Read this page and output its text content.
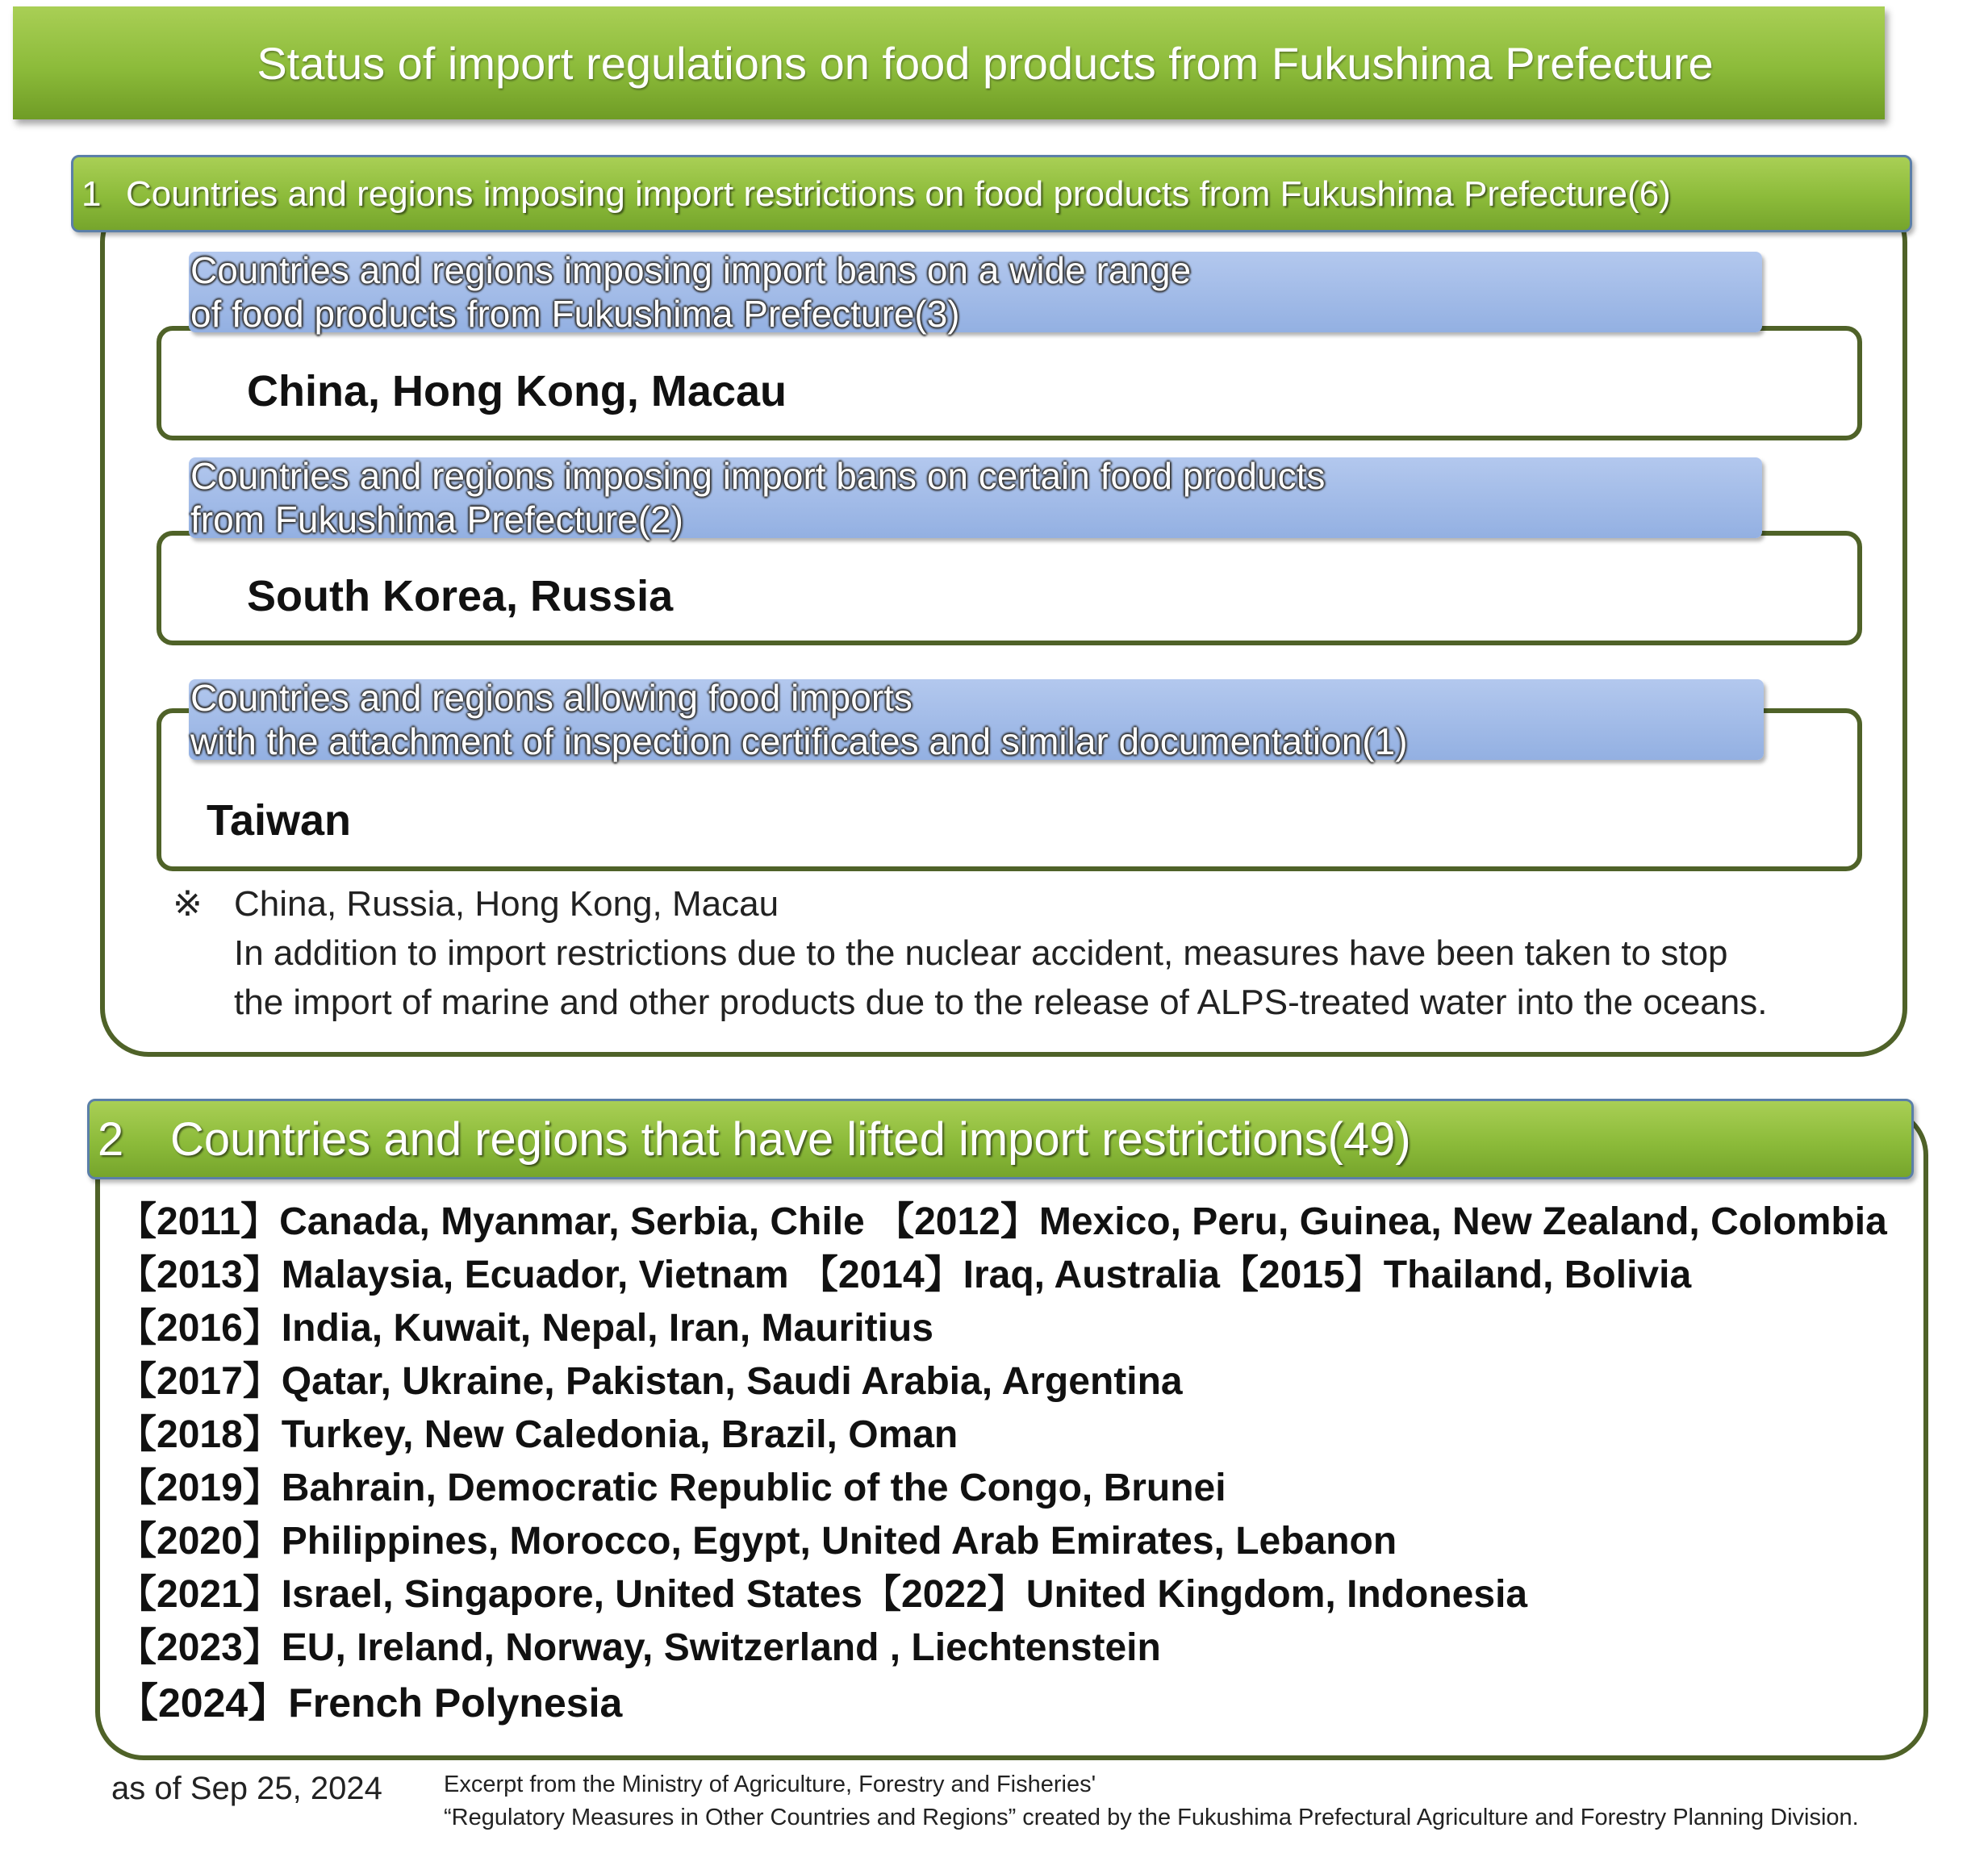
Status of import regulations on food products from Fukushima Prefecture
1 Countries and regions imposing import restrictions on food products from Fukushima Prefecture(6)
China, Hong Kong, Macau
Countries and regions imposing import bans on a wide range
of food products from Fukushima Prefecture(3)
South Korea, Russia
Countries and regions imposing import bans on certain food products
from Fukushima Prefecture(2)
Taiwan
Countries and regions allowing food imports
with the attachment of inspection certificates and similar documentation(1)
※ China, Russia, Hong Kong, Macau
In addition to import restrictions due to the nuclear accident, measures have been taken to stop
the import of marine and other products due to the release of ALPS-treated water into the oceans.
2 Countries and regions that have lifted import restrictions(49)
【2011】Canada, Myanmar, Serbia, Chile 【2012】Mexico, Peru, Guinea, New Zealand, Colombia
【2013】Malaysia, Ecuador, Vietnam 【2014】Iraq, Australia【2015】Thailand, Bolivia
【2016】India, Kuwait, Nepal, Iran, Mauritius
【2017】Qatar, Ukraine, Pakistan, Saudi Arabia, Argentina
【2018】Turkey, New Caledonia, Brazil, Oman
【2019】Bahrain, Democratic Republic of the Congo, Brunei
【2020】Philippines, Morocco, Egypt, United Arab Emirates, Lebanon
【2021】Israel, Singapore, United States【2022】United Kingdom, Indonesia
【2023】EU, Ireland, Norway, Switzerland , Liechtenstein
【2024】French Polynesia
as of Sep 25, 2024	Excerpt from the Ministry of Agriculture, Forestry and Fisheries'
“Regulatory Measures in Other Countries and Regions” created by the Fukushima Prefectural Agriculture and Forestry Planning Division.
